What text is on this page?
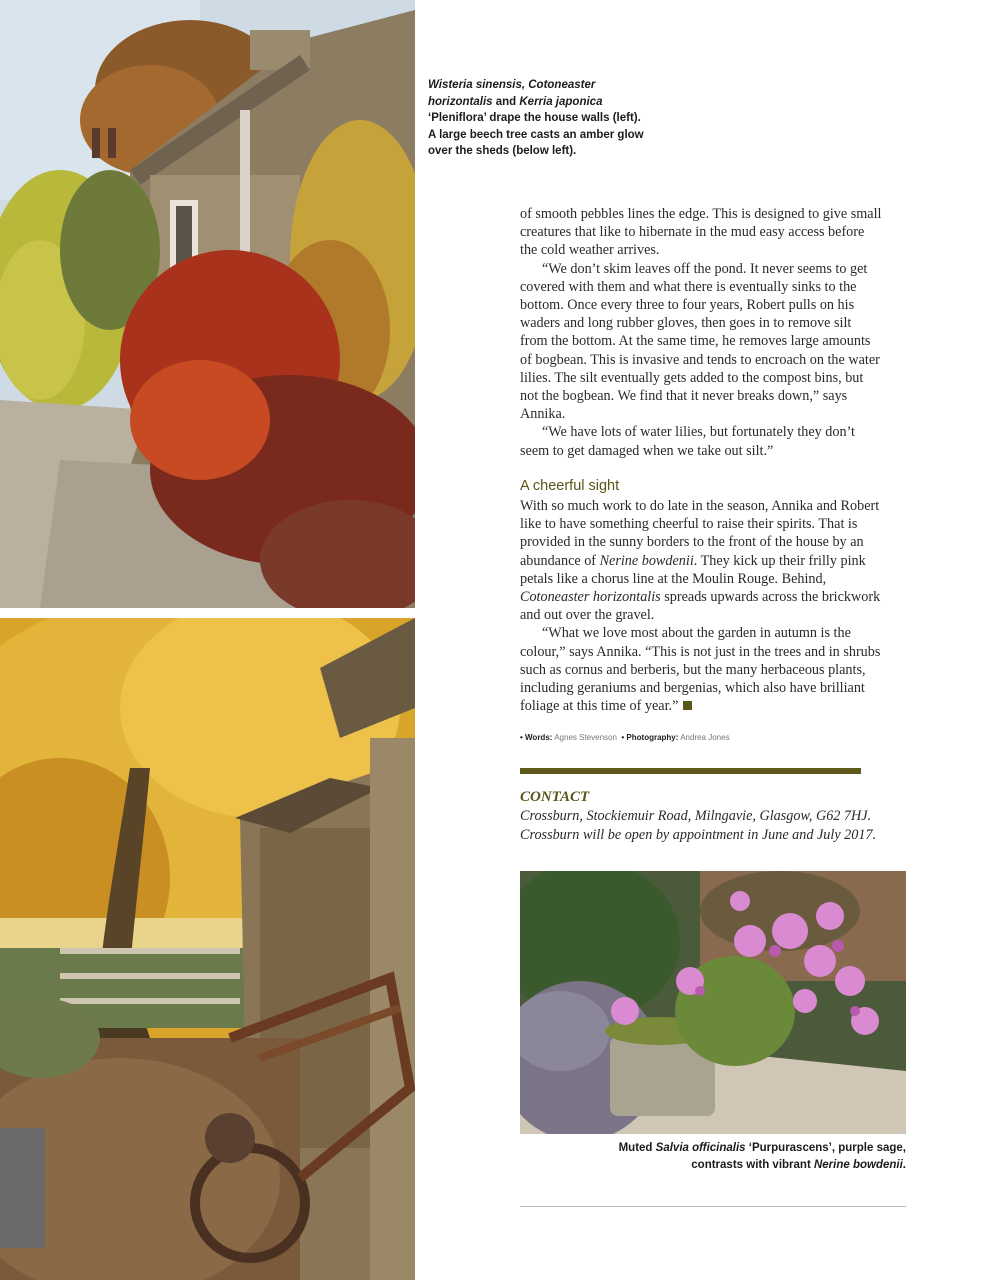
Wisteria sinensis, Cotoneaster
horizontalis and Kerria japonica
‘Pleniflora’ drape the house walls (left).
A large beech tree casts an amber glow
over the sheds (below left).

of smooth pebbles lines the edge. This is designed to give small creatures that like to hibernate in the mud easy access before the cold weather arrives.

“We don’t skim leaves off the pond. It never seems to get covered with them and what there is eventually sinks to the bottom. Once every three to four years, Robert pulls on his waders and long rubber gloves, then goes in to remove silt from the bottom. At the same time, he removes large amounts of bogbean. This is invasive and tends to encroach on the water lilies. The silt eventually gets added to the compost bins, but not the bogbean. We find that it never breaks down,” says Annika.

“We have lots of water lilies, but fortunately they don’t seem to get damaged when we take out silt.”

A cheerful sight

With so much work to do late in the season, Annika and Robert like to have something cheerful to raise their spirits. That is provided in the sunny borders to the front of the house by an abundance of Nerine bowdenii. They kick up their frilly pink petals like a chorus line at the Moulin Rouge. Behind, Cotoneaster horizontalis spreads upwards across the brickwork and out over the gravel.

“What we love most about the garden in autumn is the colour,” says Annika. “This is not just in the trees and in shrubs such as cornus and berberis, but the many herbaceous plants, including geraniums and bergenias, which also have brilliant foliage at this time of year.”

• Words: Agnes Stevenson • Photography: Andrea Jones
CONTACT
Crossburn, Stockiemuir Road, Milngavie, Glasgow, G62 7HJ.
Crossburn will be open by appointment in June and July 2017.
Muted Salvia officinalis ‘Purpurascens’, purple sage,
contrasts with vibrant Nerine bowdenii.
